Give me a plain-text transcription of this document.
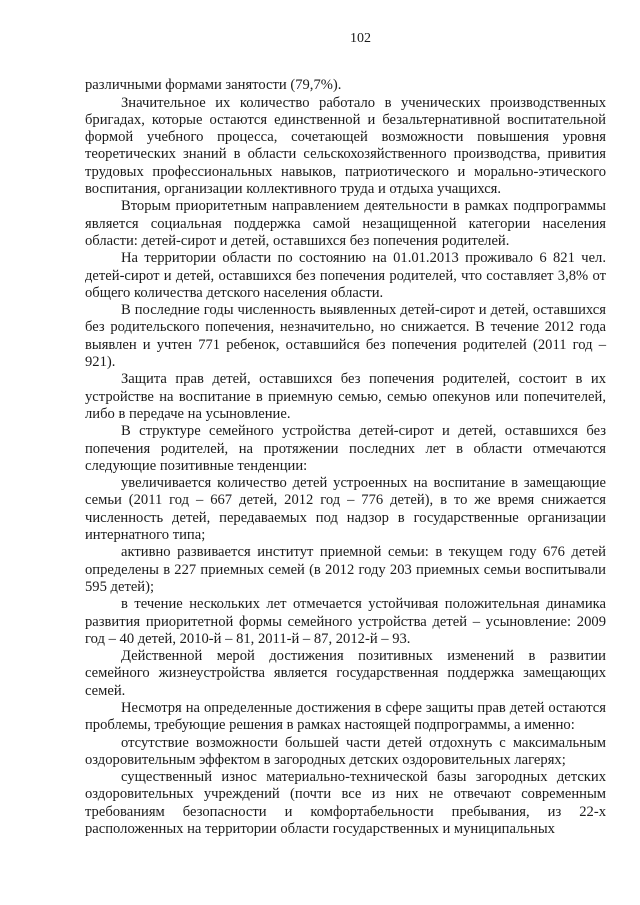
102

различными формами занятости (79,7%).

Значительное их количество работало в ученических производственных бригадах, которые остаются единственной и безальтернативной воспитательной формой учебного процесса, сочетающей возможности повышения уровня теоретических знаний в области сельскохозяйственного производства, привития трудовых профессиональных навыков, патриотического и морально-этического воспитания, организации коллективного труда и отдыха учащихся.

Вторым приоритетным направлением деятельности в рамках подпрограммы является социальная поддержка самой незащищенной категории населения области: детей-сирот и детей, оставшихся без попечения родителей.

На территории области по состоянию на 01.01.2013 проживало 6 821 чел. детей-сирот и детей, оставшихся без попечения родителей, что составляет 3,8% от общего количества детского населения области.

В последние годы численность выявленных детей-сирот и детей, оставшихся без родительского попечения, незначительно, но снижается. В течение 2012 года выявлен и учтен 771 ребенок, оставшийся без попечения родителей (2011 год – 921).

Защита прав детей, оставшихся без попечения родителей, состоит в их устройстве на воспитание в приемную семью, семью опекунов или попечителей, либо в передаче на усыновление.

В структуре семейного устройства детей-сирот и детей, оставшихся без попечения родителей, на протяжении последних лет в области отмечаются следующие позитивные тенденции:

увеличивается количество детей устроенных на воспитание в замещающие семьи (2011 год – 667 детей, 2012 год – 776 детей), в то же время снижается численность детей, передаваемых под надзор в государственные организации интернатного типа;

активно развивается институт приемной семьи: в текущем году 676 детей определены в 227 приемных семей (в 2012 году 203 приемных семьи воспитывали 595 детей);

в течение нескольких лет отмечается устойчивая положительная динамика развития приоритетной формы семейного устройства детей – усыновление: 2009 год – 40 детей, 2010-й – 81, 2011-й – 87, 2012-й – 93.

Действенной мерой достижения позитивных изменений в развитии семейного жизнеустройства является государственная поддержка замещающих семей.

Несмотря на определенные достижения в сфере защиты прав детей остаются проблемы, требующие решения в рамках настоящей подпрограммы, а именно:

отсутствие возможности большей части детей отдохнуть с максимальным оздоровительным эффектом в загородных детских оздоровительных лагерях;

существенный износ материально-технической базы загородных детских оздоровительных учреждений (почти все из них не отвечают современным требованиям безопасности и комфортабельности пребывания, из 22-х расположенных на территории области государственных и муниципальных
